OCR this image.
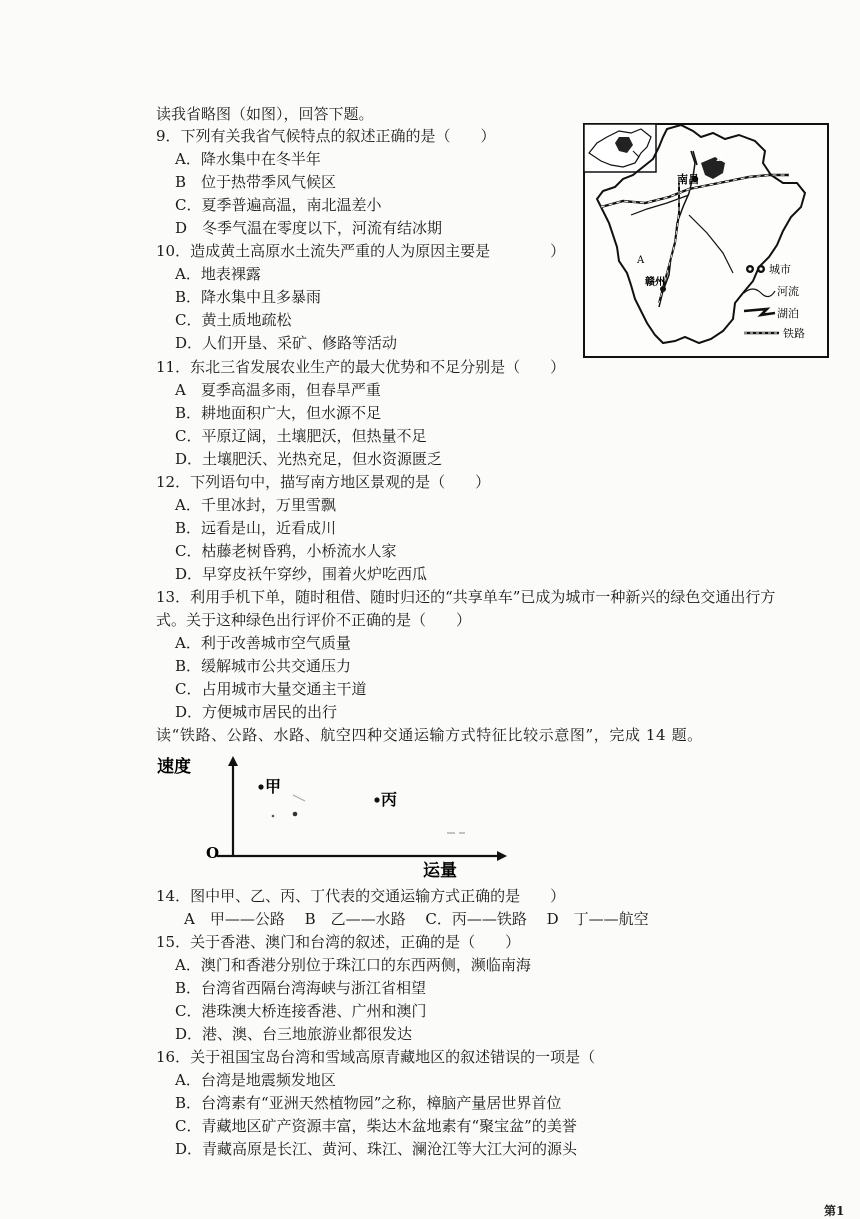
读我省略图（如图），回答下题。
9．下列有关我省气候特点的叙述正确的是（　　）
A．降水集中在冬半年
B　位于热带季风气候区
C．夏季普遍高温，南北温差小
D　冬季气温在零度以下，河流有结冰期
10．造成黄土高原水土流失严重的人为原因主要是　　　　）
A．地表裸露
B．降水集中且多暴雨
C．黄土质地疏松
D．人们开垦、采矿、修路等活动
11．东北三省发展农业生产的最大优势和不足分别是（　　）
A　夏季高温多雨，但春旱严重
B．耕地面积广大，但水源不足
C．平原辽阔，土壤肥沃，但热量不足
D．土壤肥沃、光热充足，但水资源匮乏
12．下列语句中，描写南方地区景观的是（　　）
A．千里冰封，万里雪飘
B．远看是山，近看成川
C．枯藤老树昏鸦，小桥流水人家
D．早穿皮袄午穿纱，围着火炉吃西瓜
13．利用手机下单，随时租借、随时归还的“共享单车”已成为城市一种新兴的绿色交通出行方
式。关于这种绿色出行评价不正确的是（　　）
A．利于改善城市空气质量
B．缓解城市公共交通压力
C．占用城市大量交通主干道
D．方便城市居民的出行
读“铁路、公路、水路、航空四种交通运输方式特征比较示意图”，完成 14 题。
速度
运量
O
甲
丙
14．图中甲、乙、丙、丁代表的交通运输方式正确的是　　）
A　甲——公路　 B　乙——水路　 C．丙——铁路　 D　丁——航空
15．关于香港、澳门和台湾的叙述，正确的是（　　）
A．澳门和香港分别位于珠江口的东西两侧，濒临南海
B．台湾省西隔台湾海峡与浙江省相望
C．港珠澳大桥连接香港、广州和澳门
D．港、澳、台三地旅游业都很发达
16．关于祖国宝岛台湾和雪域高原青藏地区的叙述错误的一项是（
A．台湾是地震频发地区
B．台湾素有“亚洲天然植物园”之称，樟脑产量居世界首位
C．青藏地区矿产资源丰富，柴达木盆地素有“聚宝盆”的美誉
D．青藏高原是长江、黄河、珠江、澜沧江等大江大河的源头
B
南昌
A
赣州
城市
河流
湖泊
铁路
第1
